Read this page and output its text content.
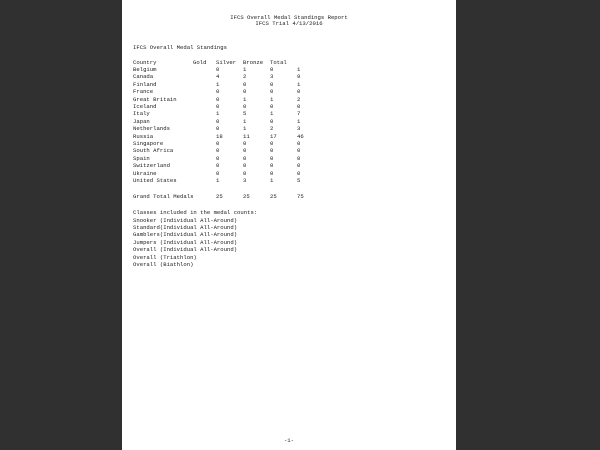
IFCS Overall Medal Standings Report
IFCS Trial 4/13/2016
IFCS Overall Medal Standings
Country	Gold Silver Bronze Total
Belgium	0	1	0	1
Canada	4	2	3	9
Finland	1	0	0	1
France	0	0	0	0
Great Britain	0	1	1	2
Iceland	0	0	0	0
Italy	1	5	1	7
Japan	0	1	0	1
Netherlands	0	1	2	3
Russia	18	11	17	46
Singapore	0	0	0	0
South Africa	0	0	0	0
Spain	0	0	0	0
Switzerland	0	0	0	0
Ukraine	0	0	0	0
United States	1	3	1	5
Grand Total Medals	25	25	25	75
Classes included in the medal counts:
Snooker (Individual All-Around)
Standard(Individual All-Around)
Gamblers(Individual All-Around)
Jumpers (Individual All-Around)
Overall (Individual All-Around)
Overall (Triathlon)
Overall (Biathlon)
-1-
